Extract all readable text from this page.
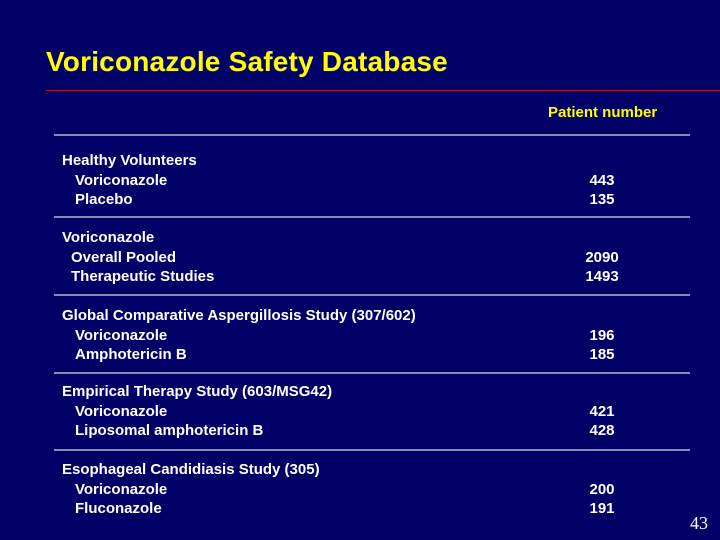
Voriconazole Safety Database
Patient number
Healthy Volunteers
Voriconazole	443
Placebo	135
Voriconazole
Overall Pooled	2090
Therapeutic Studies	1493
Global Comparative Aspergillosis Study (307/602)
Voriconazole	196
Amphotericin B	185
Empirical Therapy Study (603/MSG42)
Voriconazole	421
Liposomal amphotericin B	428
Esophageal Candidiasis Study (305)
Voriconazole	200
Fluconazole	191
43
